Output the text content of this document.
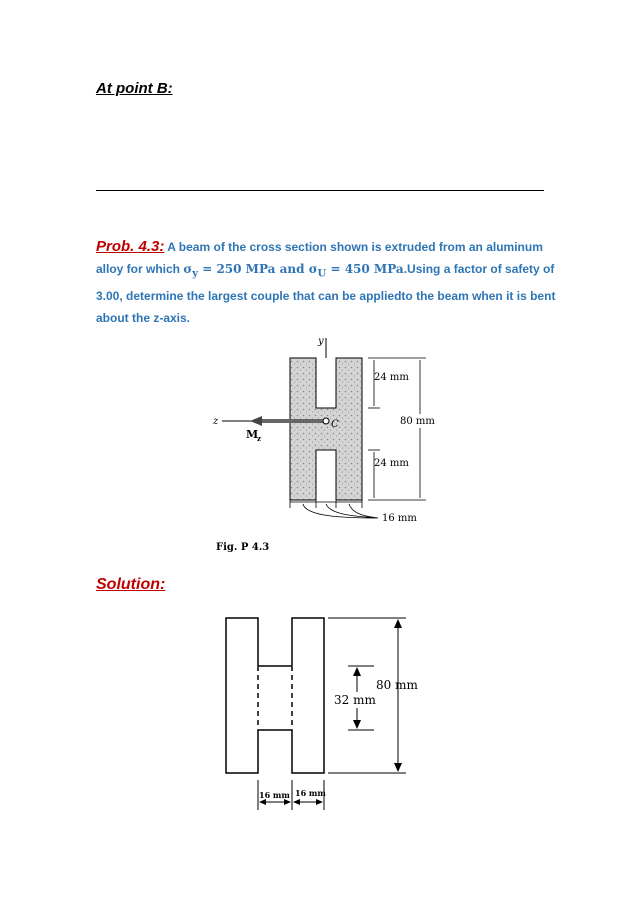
At point B:
Prob. 4.3: A beam of the cross section shown is extruded from an aluminum alloy for which $\sigma_y = 250$ MPa and $\sigma_U = 450$ MPa.Using a factor of safety of 3.00, determine the largest couple that can be appliedto the beam when it is bent about the z-axis.
y
z
M
z
C
24 mm
80 mm
24 mm
16 mm
Fig. P 4.3
Solution:
32 mm
80 mm
16 mm 16 mm
